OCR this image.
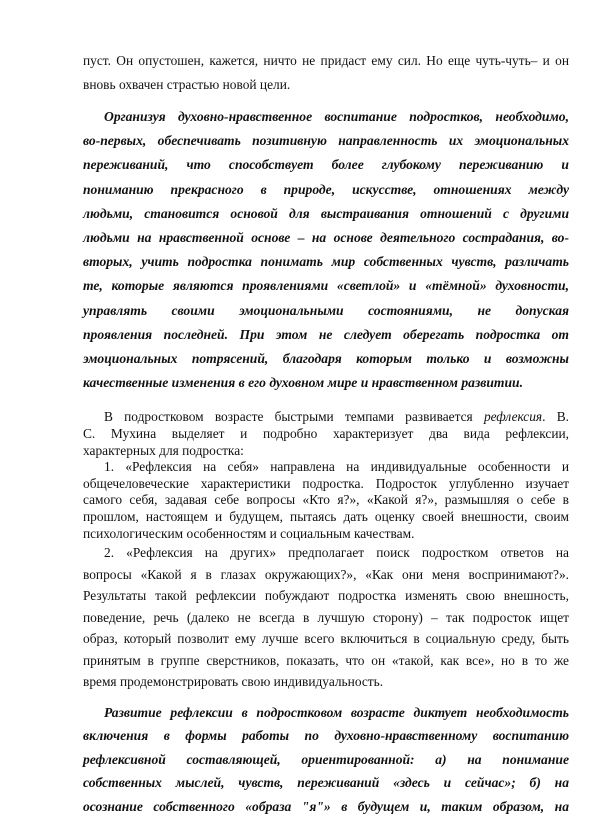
пуст. Он опустошен, кажется, ничто не придаст ему сил. Но еще чуть-чуть– и он
вновь охвачен страстью новой цели.

Организуя духовно-нравственное воспитание подростков, необходимо,
во-первых, обеспечивать позитивную направленность их эмоциональных
переживаний, что способствует более глубокому переживанию и
пониманию прекрасного в природе, искусстве, отношениях между
людьми, становится основой для выстраивания отношений с другими
людьми на нравственной основе – на основе деятельного сострадания, во-
вторых, учить подростка понимать мир собственных чувств, различать
те, которые являются проявлениями «светлой» и «тёмной» духовности,
управлять своими эмоциональными состояниями, не допуская
проявления последней. При этом не следует оберегать подростка от
эмоциональных потрясений, благодаря которым только и возможны
качественные изменения в его духовном мире и нравственном развитии.

В подростковом возрасте быстрыми темпами развивается рефлексия. В.
С. Мухина выделяет и подробно характеризует два вида рефлексии,
характерных для подростка:

1. «Рефлексия на себя» направлена на индивидуальные особенности и
общечеловеческие характеристики подростка. Подросток углубленно изучает
самого себя, задавая себе вопросы «Кто я?», «Какой я?», размышляя о себе в
прошлом, настоящем и будущем, пытаясь дать оценку своей внешности, своим
психологическим особенностям и социальным качествам.

2. «Рефлексия на других» предполагает поиск подростком ответов на
вопросы «Какой я в глазах окружающих?», «Как они меня воспринимают?».
Результаты такой рефлексии побуждают подростка изменять свою внешность,
поведение, речь (далеко не всегда в лучшую сторону) – так подросток ищет
образ, который позволит ему лучше всего включиться в социальную среду, быть
принятым в группе сверстников, показать, что он «такой, как все», но в то же
время продемонстрировать свою индивидуальность.

Развитие рефлексии в подростковом возрасте диктует необходимость
включения в формы работы по духовно-нравственному воспитанию
рефлексивной составляющей, ориентированной: а) на понимание
собственных мыслей, чувств, переживаний «здесь и сейчас»; б) на
осознание собственного «образа "я"» в будущем и, таким образом, на
